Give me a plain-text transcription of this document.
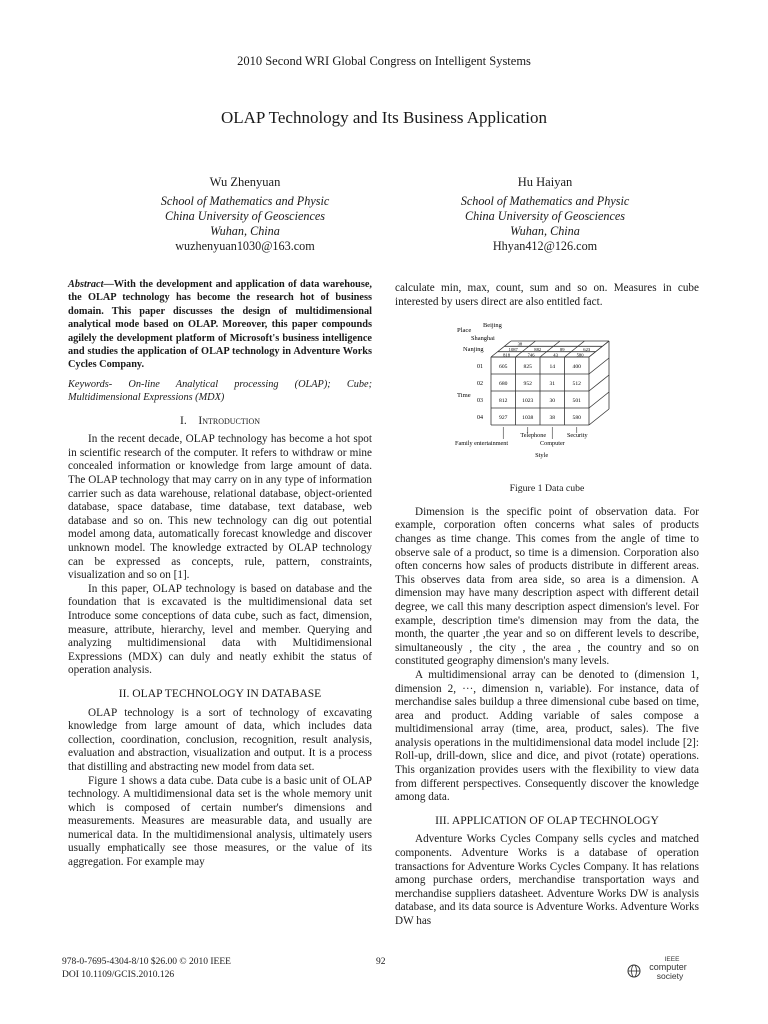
2010 Second WRI Global Congress on Intelligent Systems
OLAP Technology and Its Business Application
Wu Zhenyuan
School of Mathematics and Physic
China University of Geosciences
Wuhan, China
wuzhenyuan1030@163.com
Hu Haiyan
School of Mathematics and Physic
China University of Geosciences
Wuhan, China
Hhyan412@126.com

Abstract—With the development and application of data warehouse, the OLAP technology has become the research hot of business domain. This paper discusses the design of multidimensional analytical mode based on OLAP. Moreover, this paper compounds agilely the development platform of Microsoft's business intelligence and studies the application of OLAP technology in Adventure Works Cycles Company.

Keywords- On-line Analytical processing (OLAP); Cube; Multidimensional Expressions (MDX)

I. Introduction

In the recent decade, OLAP technology has become a hot spot in scientific research of the computer. It refers to withdraw or mine concealed information or knowledge from large amount of data. The OLAP technology that may carry on in any type of information carrier such as data warehouse, relational database, object-oriented database, space database, time database, text database, web database and so on. This new technology can dig out potential model among data, automatically forecast knowledge and discover unknown model. The knowledge extracted by OLAP technology can be expressed as concepts, rule, pattern, constraints, visualization and so on [1].

In this paper, OLAP technology is based on database and the foundation that is excavated is the multidimensional data set Introduce some conceptions of data cube, such as fact, dimension, measure, attribute, hierarchy, level and member. Querying and analyzing multidimensional data with Multidimensional Expressions (MDX) can duly and neatly exhibit the status of operation analysis.

II. OLAP TECHNOLOGY IN DATABASE

OLAP technology is a sort of technology of excavating knowledge from large amount of data, which includes data collection, coordination, conclusion, recognition, result analysis, evaluation and abstraction, visualization and output. It is a process that distilling and abstracting new model from data set.

Figure 1 shows a data cube. Data cube is a basic unit of OLAP technology. A multidimensional data set is the whole memory unit which is composed of certain number's dimensions and measurements. Measures are measurable data, and usually are numerical data. In the multidimensional analysis, ultimately users usually emphatically see those measures, or the value of its aggregation. For example may

calculate min, max, count, sum and so on. Measures in cube interested by users direct are also entitled fact.

605	825	14	400
680	952	31	512
812	1023	30	501
927	1038	38	580
818	746	43	580
1087	882	89	623
38
Place
Beijing
Shanghai
Nanjing
Time
01
02
03
04
Telephone	Security
Family entertainment	Computer
Style

Figure 1 Data cube

Dimension is the specific point of observation data. For example, corporation often concerns what sales of products changes as time change. This comes from the angle of time to observe sale of a product, so time is a dimension. Corporation also often concerns how sales of products distribute in different areas. This observes data from area side, so area is a dimension. A dimension may have many description aspect with different detail degree, we call this many description aspect dimension's level. For example, description time's dimension may from the data, the month, the quarter ,the year and so on different levels to describe, simultaneously , the city , the area , the country and so on constituted geography dimension's many levels.

A multidimensional array can be denoted to (dimension 1, dimension 2, ···, dimension n, variable). For instance, data of merchandise sales buildup a three dimensional cube based on time, area and product. Adding variable of sales compose a multidimensional array (time, area, product, sales). The five analysis operations in the multidimensional data model include [2]: Roll-up, drill-down, slice and dice, and pivot (rotate) operations. This organization provides users with the flexibility to view data from different perspectives. Consequently discover the knowledge among data.

III. APPLICATION OF OLAP TECHNOLOGY

Adventure Works Cycles Company sells cycles and matched components. Adventure Works is a database of operation transactions for Adventure Works Cycles Company. It has relations among purchase orders, merchandise transportation ways and merchandise suppliers datasheet. Adventure Works DW is analysis database, and its data source is Adventure Works. Adventure Works DW has

978-0-7695-4304-8/10 $26.00 © 2010 IEEE
DOI 10.1109/GCIS.2010.126
92	IEEE
computer
society
